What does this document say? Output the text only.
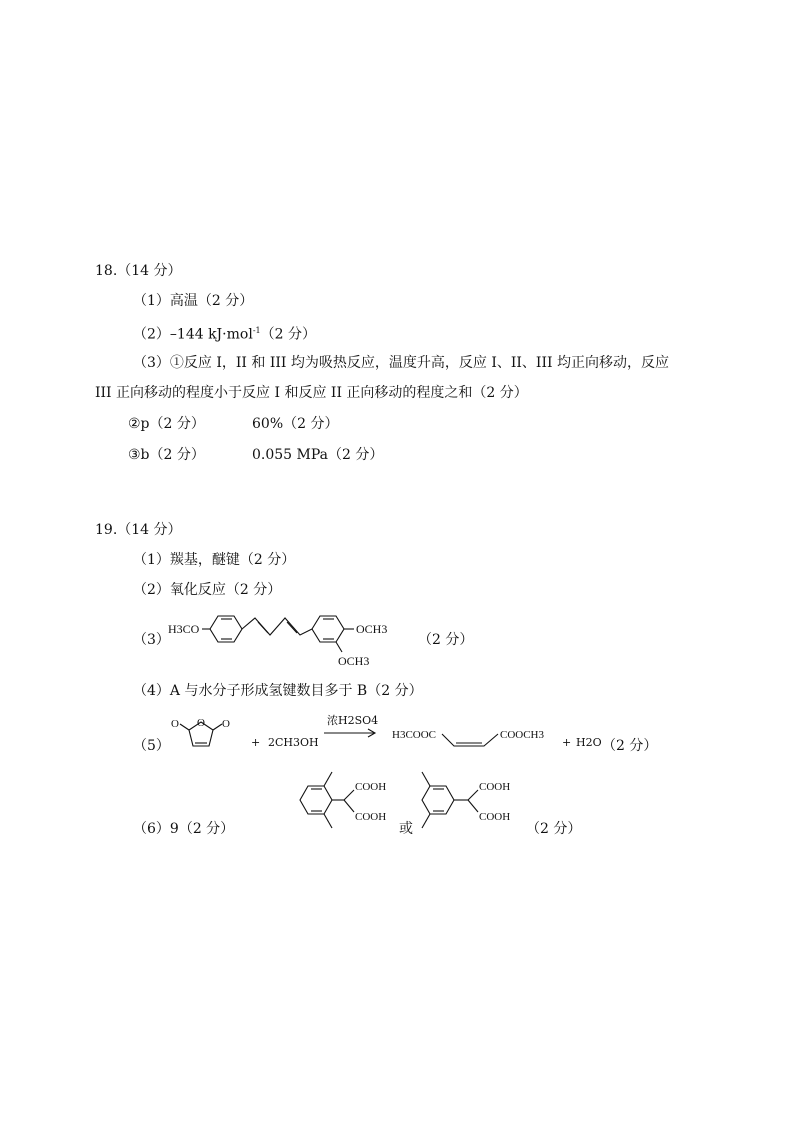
18.（14 分）
（1）高温（2 分）
（2）–144 kJ·mol$^{-1}$（2 分）
（3）①反应 I，II 和 III 均为吸热反应，温度升高，反应 I、II、III 均正向移动，反应
III 正向移动的程度小于反应 I 和反应 II 正向移动的程度之和（2 分）
②p（2 分）	60%（2 分）
③b（2 分）	0.055 MPa（2 分）
19.（14 分）
（1）羰基，醚键（2 分）
（2）氧化反应（2 分）
（3）
H3CO	OCH3
OCH3
（2 分）
（4）A 与水分子形成氢键数目多于 B（2 分）
（5）
O
O	O
+ 2CH3OH
浓H2SO4
→ H3COOC	COOCH3
+ H2O （2 分）
（6）9（2 分）
COOH
COOH
或
COOH
COOH
（2 分）
